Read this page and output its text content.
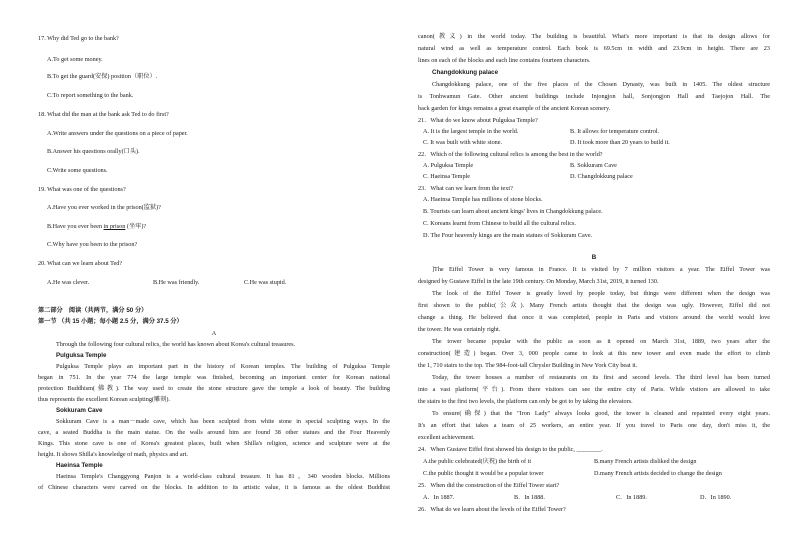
17. Why did Ted go to the bank?
A.To get some money.
B.To get the guard(安保) position（职位）.
C.To report something to the bank.
18. What did the man at the bank ask Ted to do first?
A.Write answers under the questions on a piece of paper.
B.Answer his questions orally(口头).
C.Write some questions.
19. What was one of the questions?
A.Have you ever worked in the prison(监狱)?
B.Have you ever been in prison (坐牢)?
C.Why have you been to the prison?
20. What can we learn about Ted?
A.He was clever.	B.He was friendly.	C.He was stupid.
第二部分　阅读（共两节，满分 50 分）
第一节 （共 15 小题；每小题 2.5 分，满分 37.5 分）
A
Through the following four cultural relics, the world has known about Korea's cultural treasures.
Pulguksa Temple
Pulguksa Temple plays an important part in the history of Korean temples. The building of Pulguksa Temple
began in 751. In the year 774 the large temple was finished, becoming an important center for Korean national
protection Buddhism(佛教). The way used to create the stone structure gave the temple a look of beauty. The building
thus represents the excellent Korean sculpting(雕刻).
Sokkuram Cave
Sokkuram Cave is a man－made cave, which has been sculpted from white stone in special sculpting ways. In the
cave, a seated Buddha is the main statue. On the walls around him are found 38 other statues and the Four Heavenly
Kings. This stone cave is one of Korea's greatest places, built when Shilla's religion, science and sculpture were at the
height. It shows Shilla's knowledge of math, physics and art.
Haeinsa Temple
Haeinsa Temple's Changgyong Panjon is a world-class cultural treasure. It has 81，340 wooden blocks. Millions
of Chinese characters were carved on the blocks. In addition to its artistic value, it is famous as the oldest Buddhist
canon(教义) in the world today. The building is beautiful. What's more important is that its design allows for
natural wind as well as temperature control. Each book is 69.5cm in width and 23.9cm in height. There are 23
lines on each of the blocks and each line contains fourteen characters.
Changdokkung palace
Changdokkung palace, one of the five places of the Chosen Dynasty, was built in 1405. The oldest structure
is Tonhwamun Gate. Other ancient buildings include Injongjon hall, Sonjongjon Hall and Taejojon Hall. The
back garden for kings remains a great example of the ancient Korean scenery.
21．What do we know about Pulguksa Temple?
A. It is the largest temple in the world.	B. It allows for temperature control.
C. It was built with white stone.	D. It took more than 20 years to build it.
22．Which of the following cultural relics is among the best in the world?
A. Pulguksa Temple	B. Sokkuram Cave
C. Haeinsa Temple	D. Changdokkung palace
23．What can we learn from the text?
A. Haeinsa Temple has millions of stone blocks.
B. Tourists can learn about ancient kings' lives in Changdokkung palace.
C. Koreans learnt from Chinese to build all the cultural relics.
D. The Four heavenly kings are the main statues of Sokkuram Cave.
B
]The Eiffel Tower is very famous in France. It is visited by 7 million visitors a year. The Eiffel Tower was
designed by Gustave Eiffel in the late 19th century. On Monday, March 31st, 2019, it turned 130.
The look of the Eiffel Tower is greatly loved by people today, but things were different when the design was
first shown to the public(公众). Many French artists thought that the design was ugly. However, Eiffel did not
change a thing. He believed that once it was completed, people in Paris and visitors around the world would love
the tower. He was certainly right.
The tower became popular with the public as soon as it opened on March 31st, 1889, two years after the
construction(建造) began. Over 3, 000 people came to look at this new tower and even made the effort to climb
the 1, 710 stairs to the top. The 984-foot-tall Chrysler Building in New York City beat it.
Today, the tower houses a number of restaurants on its first and second levels. The third level has been turned
into a vast platform(平台). From there visitors can see the entire city of Paris. While visitors are allowed to take
the stairs to the first two levels, the platform can only be got to by taking the elevators.
To ensure(确保) that the "Iron Lady" always looks good, the tower is cleaned and repainted every eight years.
It's an effort that takes a team of 25 workers, an entire year. If you travel to Paris one day, don't miss it, the
excellent achievement.
24．When Gustave Eiffel first showed his design to the public, ________.
A.the public celebrated(庆祝) the birth of it	B.many French artists disliked the design
C.the public thought it would be a popular tower	D.many French artists decided to change the design
25．When did the construction of the Eiffel Tower start?
A．In 1887.	B．In 1888.	C．In 1889.	D．In 1890.
26．What do we learn about the levels of the Eiffel Tower?
